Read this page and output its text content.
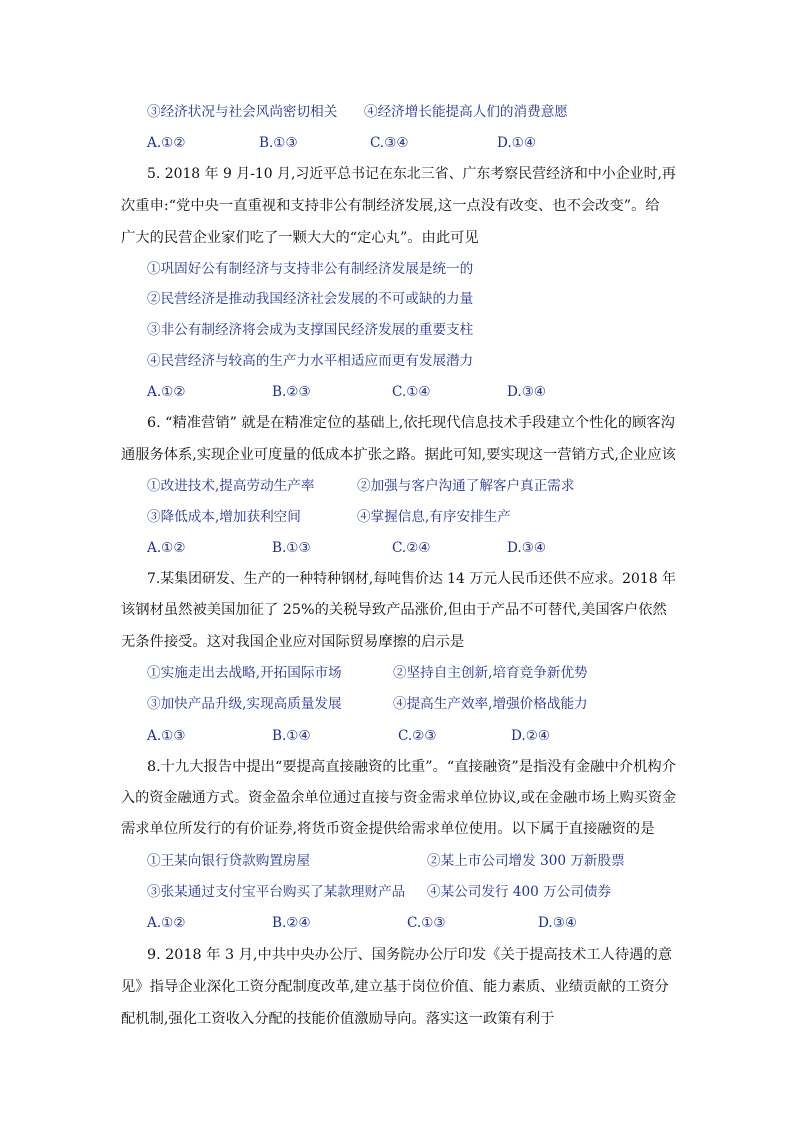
③经济状况与社会风尚密切相关 ④经济增长能提高人们的消费意愿
A.①②	B.①③	C.③④	D.①④
5. 2018 年 9 月-10 月,习近平总书记在东北三省、广东考察民营经济和中小企业时,再
次重申:“党中央一直重视和支持非公有制经济发展,这一点没有改变、也不会改变”。给
广大的民营企业家们吃了一颗大大的“定心丸”。由此可见
①巩固好公有制经济与支持非公有制经济发展是统一的
②民营经济是推动我国经济社会发展的不可或缺的力量
③非公有制经济将会成为支撑国民经济发展的重要支柱
④民营经济与较高的生产力水平相适应而更有发展潜力
A.①②	B.②③	C.①④	D.③④
6. “精准营销” 就是在精准定位的基础上,依托现代信息技术手段建立个性化的顾客沟
通服务体系,实现企业可度量的低成本扩张之路。据此可知,要实现这一营销方式,企业应该
①改进技术,提高劳动生产率	②加强与客户沟通了解客户真正需求
③降低成本,增加获利空间	④掌握信息,有序安排生产
A.①②	B.①③	C.②④	D.③④
7.某集团研发、生产的一种特种钢材,每吨售价达 14 万元人民币还供不应求。2018 年
该钢材虽然被美国加征了 25%的关税导致产品涨价,但由于产品不可替代,美国客户依然
无条件接受。这对我国企业应对国际贸易摩擦的启示是
①实施走出去战略,开拓国际市场	②坚持自主创新,培育竞争新优势
③加快产品升级,实现高质量发展	④提高生产效率,增强价格战能力
A.①③	B.①④	C.②③	D.②④
8.十九大报告中提出“要提高直接融资的比重”。“直接融资”是指没有金融中介机构介
入的资金融通方式。资金盈余单位通过直接与资金需求单位协议,或在金融市场上购买资金
需求单位所发行的有价证券,将货币资金提供给需求单位使用。以下属于直接融资的是
①王某向银行贷款购置房屋	②某上市公司增发 300 万新股票
③张某通过支付宝平台购买了某款理财产品 ④某公司发行 400 万公司债券
A.①②	B.②④	C.①③	D.③④
9. 2018 年 3 月,中共中央办公厅、国务院办公厅印发《关于提高技术工人待遇的意
见》指导企业深化工资分配制度改革,建立基于岗位价值、能力素质、业绩贡献的工资分
配机制,强化工资收入分配的技能价值激励导向。落实这一政策有利于
